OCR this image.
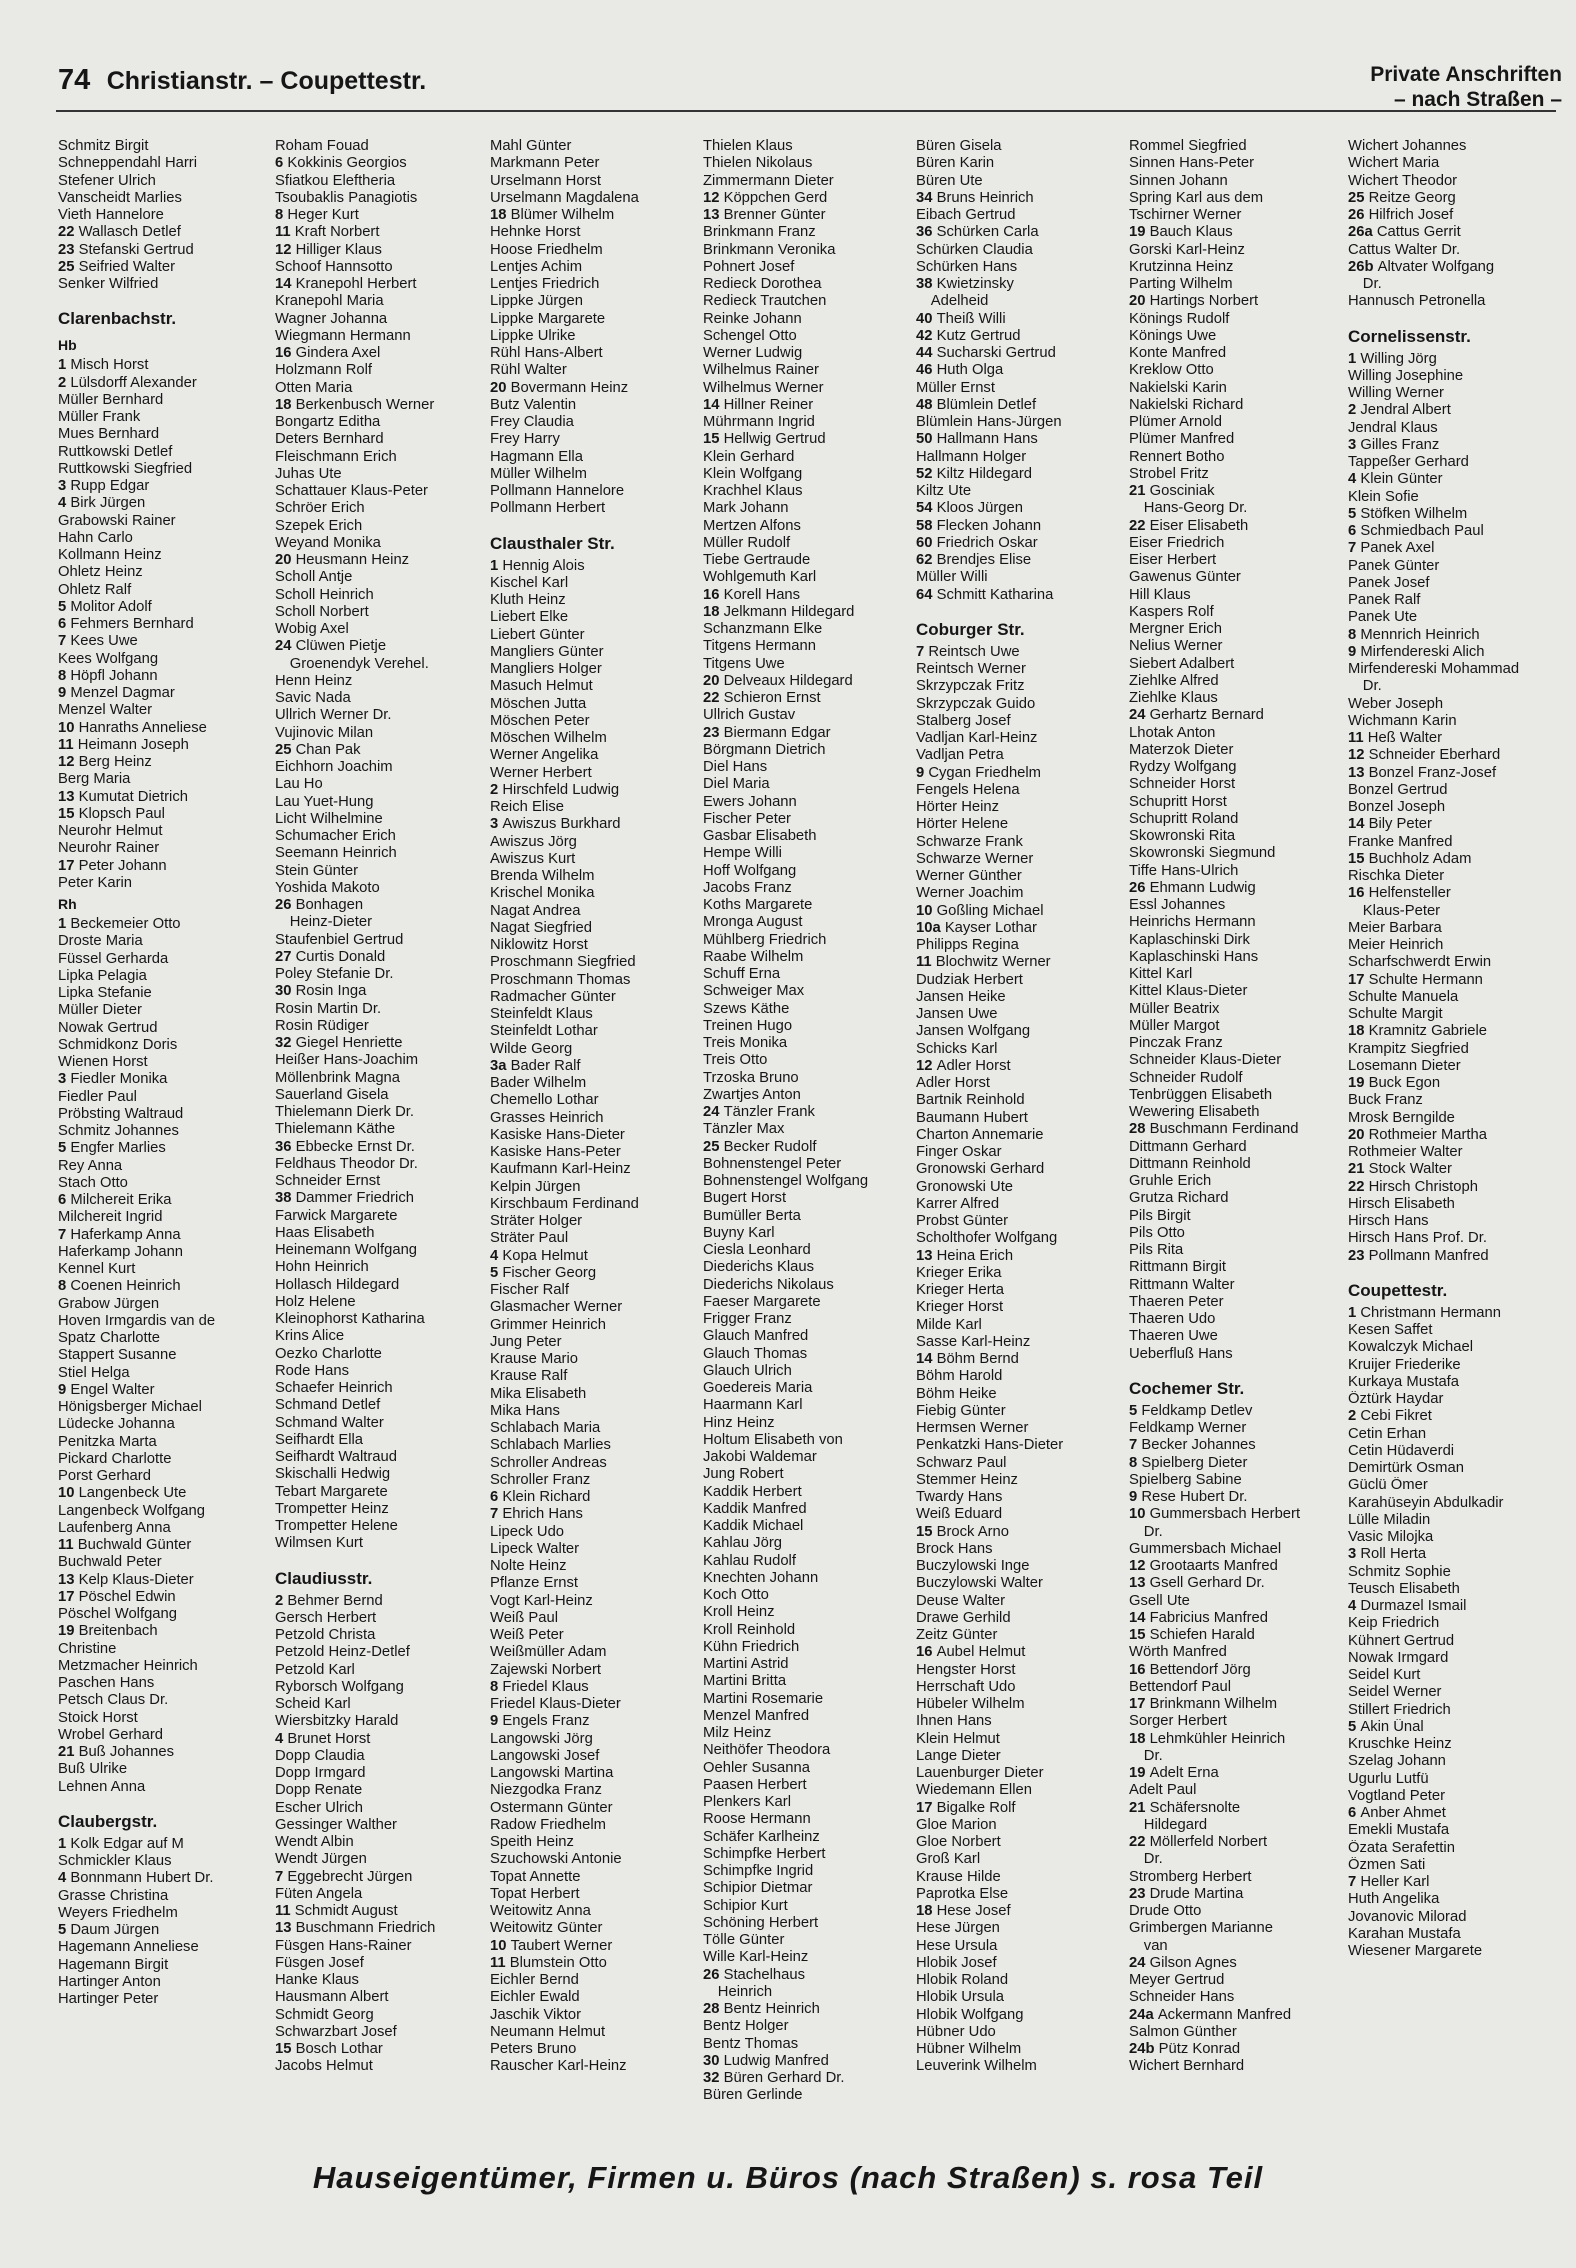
74 Christianstr. – Coupettestr.	Private Anschriften
– nach Straßen –
Schmitz Birgit
Schneppendahl Harri
Stefener Ulrich
Vanscheidt Marlies
Vieth Hannelore
22 Wallasch Detlef
23 Stefanski Gertrud
25 Seifried Walter
Senker Wilfried
Clarenbachstr.
Hb
1 Misch Horst
2 Lülsdorff Alexander
Müller Bernhard
Müller Frank
Mues Bernhard
Ruttkowski Detlef
Ruttkowski Siegfried
3 Rupp Edgar
4 Birk Jürgen
Grabowski Rainer
Hahn Carlo
Kollmann Heinz
Ohletz Heinz
Ohletz Ralf
5 Molitor Adolf
6 Fehmers Bernhard
7 Kees Uwe
Kees Wolfgang
8 Höpfl Johann
9 Menzel Dagmar
Menzel Walter
10 Hanraths Anneliese
11 Heimann Joseph
12 Berg Heinz
Berg Maria
13 Kumutat Dietrich
15 Klopsch Paul
Neurohr Helmut
Neurohr Rainer
17 Peter Johann
Peter Karin
Rh
1 Beckemeier Otto
Droste Maria
Füssel Gerharda
Lipka Pelagia
Lipka Stefanie
Müller Dieter
Nowak Gertrud
Schmidkonz Doris
Wienen Horst
3 Fiedler Monika
Fiedler Paul
Pröbsting Waltraud
Schmitz Johannes
5 Engfer Marlies
Rey Anna
Stach Otto
6 Milchereit Erika
Milchereit Ingrid
7 Haferkamp Anna
Haferkamp Johann
Kennel Kurt
8 Coenen Heinrich
Grabow Jürgen
Hoven Irmgardis van de
Spatz Charlotte
Stappert Susanne
Stiel Helga
9 Engel Walter
Hönigsberger Michael
Lüdecke Johanna
Penitzka Marta
Pickard Charlotte
Porst Gerhard
10 Langenbeck Ute
Langenbeck Wolfgang
Laufenberg Anna
11 Buchwald Günter
Buchwald Peter
13 Kelp Klaus-Dieter
17 Pöschel Edwin
Pöschel Wolfgang
19 Breitenbach
Christine
Metzmacher Heinrich
Paschen Hans
Petsch Claus Dr.
Stoick Horst
Wrobel Gerhard
21 Buß Johannes
Buß Ulrike
Lehnen Anna
Claubergstr.
1 Kolk Edgar auf M
Schmickler Klaus
4 Bonnmann Hubert Dr.
Grasse Christina
Weyers Friedhelm
5 Daum Jürgen
Hagemann Anneliese
Hagemann Birgit
Hartinger Anton
Hartinger Peter
Roham Fouad
6 Kokkinis Georgios
Sfiatkou Eleftheria
Tsoubaklis Panagiotis
8 Heger Kurt
11 Kraft Norbert
12 Hilliger Klaus
Schoof Hannsotto
14 Kranepohl Herbert
Kranepohl Maria
Wagner Johanna
Wiegmann Hermann
16 Gindera Axel
Holzmann Rolf
Otten Maria
18 Berkenbusch Werner
Bongartz Editha
Deters Bernhard
Fleischmann Erich
Juhas Ute
Schattauer Klaus-Peter
Schröer Erich
Szepek Erich
Weyand Monika
20 Heusmann Heinz
Scholl Antje
Scholl Heinrich
Scholl Norbert
Wobig Axel
24 Clüwen Pietje
 Groenendyk Verehel.
Henn Heinz
Savic Nada
Ullrich Werner Dr.
Vujinovic Milan
25 Chan Pak
Eichhorn Joachim
Lau Ho
Lau Yuet-Hung
Licht Wilhelmine
Schumacher Erich
Seemann Heinrich
Stein Günter
Yoshida Makoto
26 Bonhagen
 Heinz-Dieter
Staufenbiel Gertrud
27 Curtis Donald
Poley Stefanie Dr.
30 Rosin Inga
Rosin Martin Dr.
Rosin Rüdiger
32 Giegel Henriette
Heißer Hans-Joachim
Möllenbrink Magna
Sauerland Gisela
Thielemann Dierk Dr.
Thielemann Käthe
36 Ebbecke Ernst Dr.
Feldhaus Theodor Dr.
Schneider Ernst
38 Dammer Friedrich
Farwick Margarete
Haas Elisabeth
Heinemann Wolfgang
Hohn Heinrich
Hollasch Hildegard
Holz Helene
Kleinophorst Katharina
Krins Alice
Oezko Charlotte
Rode Hans
Schaefer Heinrich
Schmand Detlef
Schmand Walter
Seifhardt Ella
Seifhardt Waltraud
Skischalli Hedwig
Tebart Margarete
Trompetter Heinz
Trompetter Helene
Wilmsen Kurt
Claudiusstr.
2 Behmer Bernd
Gersch Herbert
Petzold Christa
Petzold Heinz-Detlef
Petzold Karl
Ryborsch Wolfgang
Scheid Karl
Wiersbitzky Harald
4 Brunet Horst
Dopp Claudia
Dopp Irmgard
Dopp Renate
Escher Ulrich
Gessinger Walther
Wendt Albin
Wendt Jürgen
7 Eggebrecht Jürgen
Füten Angela
11 Schmidt August
13 Buschmann Friedrich
Füsgen Hans-Rainer
Füsgen Josef
Hanke Klaus
Hausmann Albert
Schmidt Georg
Schwarzbart Josef
15 Bosch Lothar
Jacobs Helmut
Mahl Günter
Markmann Peter
Urselmann Horst
Urselmann Magdalena
18 Blümer Wilhelm
Hehnke Horst
Hoose Friedhelm
Lentjes Achim
Lentjes Friedrich
Lippke Jürgen
Lippke Margarete
Lippke Ulrike
Rühl Hans-Albert
Rühl Walter
20 Bovermann Heinz
Butz Valentin
Frey Claudia
Frey Harry
Hagmann Ella
Müller Wilhelm
Pollmann Hannelore
Pollmann Herbert
Clausthaler Str.
1 Hennig Alois
Kischel Karl
Kluth Heinz
Liebert Elke
Liebert Günter
Mangliers Günter
Mangliers Holger
Masuch Helmut
Möschen Jutta
Möschen Peter
Möschen Wilhelm
Werner Angelika
Werner Herbert
2 Hirschfeld Ludwig
Reich Elise
3 Awiszus Burkhard
Awiszus Jörg
Awiszus Kurt
Brenda Wilhelm
Krischel Monika
Nagat Andrea
Nagat Siegfried
Niklowitz Horst
Proschmann Siegfried
Proschmann Thomas
Radmacher Günter
Steinfeldt Klaus
Steinfeldt Lothar
Wilde Georg
3a Bader Ralf
Bader Wilhelm
Chemello Lothar
Grasses Heinrich
Kasiske Hans-Dieter
Kasiske Hans-Peter
Kaufmann Karl-Heinz
Kelpin Jürgen
Kirschbaum Ferdinand
Sträter Holger
Sträter Paul
4 Kopa Helmut
5 Fischer Georg
Fischer Ralf
Glasmacher Werner
Grimmer Heinrich
Jung Peter
Krause Mario
Krause Ralf
Mika Elisabeth
Mika Hans
Schlabach Maria
Schlabach Marlies
Schroller Andreas
Schroller Franz
6 Klein Richard
7 Ehrich Hans
Lipeck Udo
Lipeck Walter
Nolte Heinz
Pflanze Ernst
Vogt Karl-Heinz
Weiß Paul
Weiß Peter
Weißmüller Adam
Zajewski Norbert
8 Friedel Klaus
Friedel Klaus-Dieter
9 Engels Franz
Langowski Jörg
Langowski Josef
Langowski Martina
Niezgodka Franz
Ostermann Günter
Radow Friedhelm
Speith Heinz
Szuchowski Antonie
Topat Annette
Topat Herbert
Weitowitz Anna
Weitowitz Günter
10 Taubert Werner
11 Blumstein Otto
Eichler Bernd
Eichler Ewald
Jaschik Viktor
Neumann Helmut
Peters Bruno
Rauscher Karl-Heinz
Thielen Klaus
Thielen Nikolaus
Zimmermann Dieter
12 Köppchen Gerd
13 Brenner Günter
Brinkmann Franz
Brinkmann Veronika
Pohnert Josef
Redieck Dorothea
Redieck Trautchen
Reinke Johann
Schengel Otto
Werner Ludwig
Wilhelmus Rainer
Wilhelmus Werner
14 Hillner Reiner
Mührmann Ingrid
15 Hellwig Gertrud
Klein Gerhard
Klein Wolfgang
Krachhel Klaus
Mark Johann
Mertzen Alfons
Müller Rudolf
Tiebe Gertraude
Wohlgemuth Karl
16 Korell Hans
18 Jelkmann Hildegard
Schanzmann Elke
Titgens Hermann
Titgens Uwe
20 Delveaux Hildegard
22 Schieron Ernst
Ullrich Gustav
23 Biermann Edgar
Börgmann Dietrich
Diel Hans
Diel Maria
Ewers Johann
Fischer Peter
Gasbar Elisabeth
Hempe Willi
Hoff Wolfgang
Jacobs Franz
Koths Margarete
Mronga August
Mühlberg Friedrich
Raabe Wilhelm
Schuff Erna
Schweiger Max
Szews Käthe
Treinen Hugo
Treis Monika
Treis Otto
Trzoska Bruno
Zwartjes Anton
24 Tänzler Frank
Tänzler Max
25 Becker Rudolf
Bohnenstengel Peter
Bohnenstengel Wolfgang
Bugert Horst
Bumüller Berta
Buyny Karl
Ciesla Leonhard
Diederichs Klaus
Diederichs Nikolaus
Faeser Margarete
Frigger Franz
Glauch Manfred
Glauch Thomas
Glauch Ulrich
Goedereis Maria
Haarmann Karl
Hinz Heinz
Holtum Elisabeth von
Jakobi Waldemar
Jung Robert
Kaddik Herbert
Kaddik Manfred
Kaddik Michael
Kahlau Jörg
Kahlau Rudolf
Knechten Johann
Koch Otto
Kroll Heinz
Kroll Reinhold
Kühn Friedrich
Martini Astrid
Martini Britta
Martini Rosemarie
Menzel Manfred
Milz Heinz
Neithöfer Theodora
Oehler Susanna
Paasen Herbert
Plenkers Karl
Roose Hermann
Schäfer Karlheinz
Schimpfke Herbert
Schimpfke Ingrid
Schipior Dietmar
Schipior Kurt
Schöning Herbert
Tölle Günter
Wille Karl-Heinz
26 Stachelhaus
 Heinrich
28 Bentz Heinrich
Bentz Holger
Bentz Thomas
30 Ludwig Manfred
32 Büren Gerhard Dr.
Büren Gerlinde
Büren Gisela
Büren Karin
Büren Ute
34 Bruns Heinrich
Eibach Gertrud
36 Schürken Carla
Schürken Claudia
Schürken Hans
38 Kwietzinsky
 Adelheid
40 Theiß Willi
42 Kutz Gertrud
44 Sucharski Gertrud
46 Huth Olga
Müller Ernst
48 Blümlein Detlef
Blümlein Hans-Jürgen
50 Hallmann Hans
Hallmann Holger
52 Kiltz Hildegard
Kiltz Ute
54 Kloos Jürgen
58 Flecken Johann
60 Friedrich Oskar
62 Brendjes Elise
Müller Willi
64 Schmitt Katharina
Coburger Str.
7 Reintsch Uwe
Reintsch Werner
Skrzypczak Fritz
Skrzypczak Guido
Stalberg Josef
Vadljan Karl-Heinz
Vadljan Petra
9 Cygan Friedhelm
Fengels Helena
Hörter Heinz
Hörter Helene
Schwarze Frank
Schwarze Werner
Werner Günther
Werner Joachim
10 Goßling Michael
10a Kayser Lothar
Philipps Regina
11 Blochwitz Werner
Dudziak Herbert
Jansen Heike
Jansen Uwe
Jansen Wolfgang
Schicks Karl
12 Adler Horst
Adler Horst
Bartnik Reinhold
Baumann Hubert
Charton Annemarie
Finger Oskar
Gronowski Gerhard
Gronowski Ute
Karrer Alfred
Probst Günter
Scholthofer Wolfgang
13 Heina Erich
Krieger Erika
Krieger Herta
Krieger Horst
Milde Karl
Sasse Karl-Heinz
14 Böhm Bernd
Böhm Harold
Böhm Heike
Fiebig Günter
Hermsen Werner
Penkatzki Hans-Dieter
Schwarz Paul
Stemmer Heinz
Twardy Hans
Weiß Eduard
15 Brock Arno
Brock Hans
Buczylowski Inge
Buczylowski Walter
Deuse Walter
Drawe Gerhild
Zeitz Günter
16 Aubel Helmut
Hengster Horst
Herrschaft Udo
Hübeler Wilhelm
Ihnen Hans
Klein Helmut
Lange Dieter
Lauenburger Dieter
Wiedemann Ellen
17 Bigalke Rolf
Gloe Marion
Gloe Norbert
Groß Karl
Krause Hilde
Paprotka Else
18 Hese Josef
Hese Jürgen
Hese Ursula
Hlobik Josef
Hlobik Roland
Hlobik Ursula
Hlobik Wolfgang
Hübner Udo
Hübner Wilhelm
Leuverink Wilhelm
Rommel Siegfried
Sinnen Hans-Peter
Sinnen Johann
Spring Karl aus dem
Tschirner Werner
19 Bauch Klaus
Gorski Karl-Heinz
Krutzinna Heinz
Parting Wilhelm
20 Hartings Norbert
Könings Rudolf
Könings Uwe
Konte Manfred
Kreklow Otto
Nakielski Karin
Nakielski Richard
Plümer Arnold
Plümer Manfred
Rennert Botho
Strobel Fritz
21 Gosciniak
 Hans-Georg Dr.
22 Eiser Elisabeth
Eiser Friedrich
Eiser Herbert
Gawenus Günter
Hill Klaus
Kaspers Rolf
Mergner Erich
Nelius Werner
Siebert Adalbert
Ziehlke Alfred
Ziehlke Klaus
24 Gerhartz Bernard
Lhotak Anton
Materzok Dieter
Rydzy Wolfgang
Schneider Horst
Schupritt Horst
Schupritt Roland
Skowronski Rita
Skowronski Siegmund
Tiffe Hans-Ulrich
26 Ehmann Ludwig
Essl Johannes
Heinrichs Hermann
Kaplaschinski Dirk
Kaplaschinski Hans
Kittel Karl
Kittel Klaus-Dieter
Müller Beatrix
Müller Margot
Pinczak Franz
Schneider Klaus-Dieter
Schneider Rudolf
Tenbrüggen Elisabeth
Wewering Elisabeth
28 Buschmann Ferdinand
Dittmann Gerhard
Dittmann Reinhold
Gruhle Erich
Grutza Richard
Pils Birgit
Pils Otto
Pils Rita
Rittmann Birgit
Rittmann Walter
Thaeren Peter
Thaeren Udo
Thaeren Uwe
Ueberfluß Hans
Cochemer Str.
5 Feldkamp Detlev
Feldkamp Werner
7 Becker Johannes
8 Spielberg Dieter
Spielberg Sabine
9 Rese Hubert Dr.
10 Gummersbach Herbert
 Dr.
Gummersbach Michael
12 Grootaarts Manfred
13 Gsell Gerhard Dr.
Gsell Ute
14 Fabricius Manfred
15 Schiefen Harald
Wörth Manfred
16 Bettendorf Jörg
Bettendorf Paul
17 Brinkmann Wilhelm
Sorger Herbert
18 Lehmkühler Heinrich
 Dr.
19 Adelt Erna
Adelt Paul
21 Schäfersnolte
 Hildegard
22 Möllerfeld Norbert
 Dr.
Stromberg Herbert
23 Drude Martina
Drude Otto
Grimbergen Marianne
 van
24 Gilson Agnes
Meyer Gertrud
Schneider Hans
24a Ackermann Manfred
Salmon Günther
24b Pütz Konrad
Wichert Bernhard
Wichert Johannes
Wichert Maria
Wichert Theodor
25 Reitze Georg
26 Hilfrich Josef
26a Cattus Gerrit
Cattus Walter Dr.
26b Altvater Wolfgang
 Dr.
Hannusch Petronella
Cornelissenstr.
1 Willing Jörg
Willing Josephine
Willing Werner
2 Jendral Albert
Jendral Klaus
3 Gilles Franz
Tappeßer Gerhard
4 Klein Günter
Klein Sofie
5 Stöfken Wilhelm
6 Schmiedbach Paul
7 Panek Axel
Panek Günter
Panek Josef
Panek Ralf
Panek Ute
8 Mennrich Heinrich
9 Mirfendereski Alich
Mirfendereski Mohammad
 Dr.
Weber Joseph
Wichmann Karin
11 Heß Walter
12 Schneider Eberhard
13 Bonzel Franz-Josef
Bonzel Gertrud
Bonzel Joseph
14 Bily Peter
Franke Manfred
15 Buchholz Adam
Rischka Dieter
16 Helfensteller
 Klaus-Peter
Meier Barbara
Meier Heinrich
Scharfschwerdt Erwin
17 Schulte Hermann
Schulte Manuela
Schulte Margit
18 Kramnitz Gabriele
Krampitz Siegfried
Losemann Dieter
19 Buck Egon
Buck Franz
Mrosk Berngilde
20 Rothmeier Martha
Rothmeier Walter
21 Stock Walter
22 Hirsch Christoph
Hirsch Elisabeth
Hirsch Hans
Hirsch Hans Prof. Dr.
23 Pollmann Manfred
Coupettestr.
1 Christmann Hermann
Kesen Saffet
Kowalczyk Michael
Kruijer Friederike
Kurkaya Mustafa
Öztürk Haydar
2 Cebi Fikret
Cetin Erhan
Cetin Hüdaverdi
Demirtürk Osman
Güclü Ömer
Karahüseyin Abdulkadir
Lülle Miladin
Vasic Milojka
3 Roll Herta
Schmitz Sophie
Teusch Elisabeth
4 Durmazel Ismail
Keip Friedrich
Kühnert Gertrud
Nowak Irmgard
Seidel Kurt
Seidel Werner
Stillert Friedrich
5 Akin Ünal
Kruschke Heinz
Szelag Johann
Ugurlu Lutfü
Vogtland Peter
6 Anber Ahmet
Emekli Mustafa
Özata Serafettin
Özmen Sati
7 Heller Karl
Huth Angelika
Jovanovic Milorad
Karahan Mustafa
Wiesener Margarete
Hauseigentümer, Firmen u. Büros (nach Straßen) s. rosa Teil
